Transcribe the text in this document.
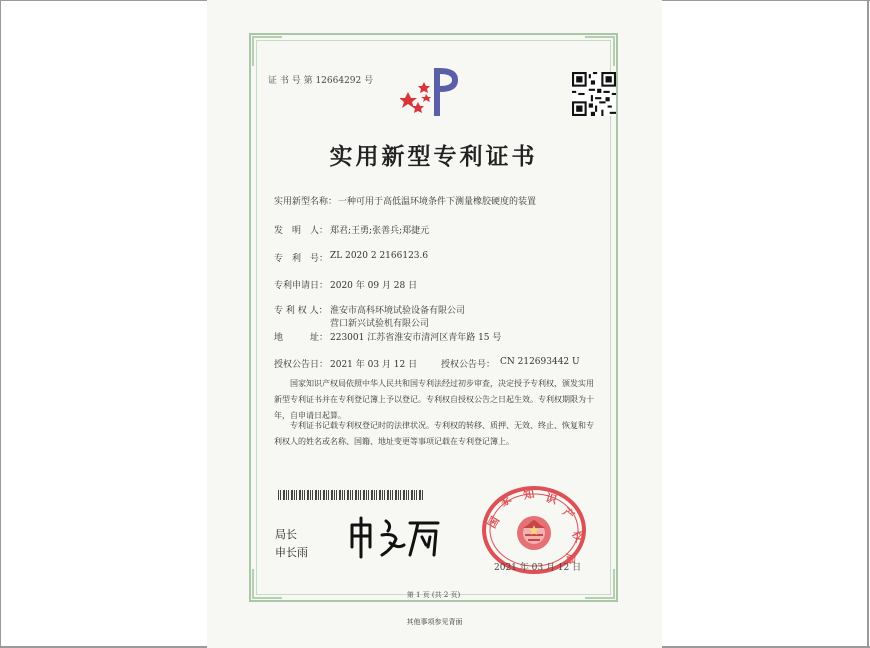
证 书 号 第 12664292 号
实用新型专利证书
实用新型名称： 一种可用于高低温环境条件下测量橡胶硬度的装置
发　明　人： 郑君;王勇;张善兵;郑捷元
专　利　号： ZL 2020 2 2166123.6
专利申请日： 2020 年 09 月 28 日
专 利 权 人： 淮安市高科环境试验设备有限公司
营口新兴试验机有限公司
地　　　址： 223001 江苏省淮安市清河区青年路 15 号
授权公告日： 2021 年 03 月 12 日	授权公告号： CN 212693442 U
国家知识产权局依照中华人民共和国专利法经过初步审查，决定授予专利权，颁发实用
新型专利证书并在专利登记簿上予以登记。专利权自授权公告之日起生效。专利权期限为十
年，自申请日起算。
专利证书记载专利权登记时的法律状况。专利权的转移、质押、无效、终止、恢复和专
利权人的姓名或名称、国籍、地址变更等事项记载在专利登记簿上。
局长
申长雨
国
家 知 识
产
权
局
2021 年 03 月 12 日
第 1 页 (共 2 页)
其他事项参见背面
